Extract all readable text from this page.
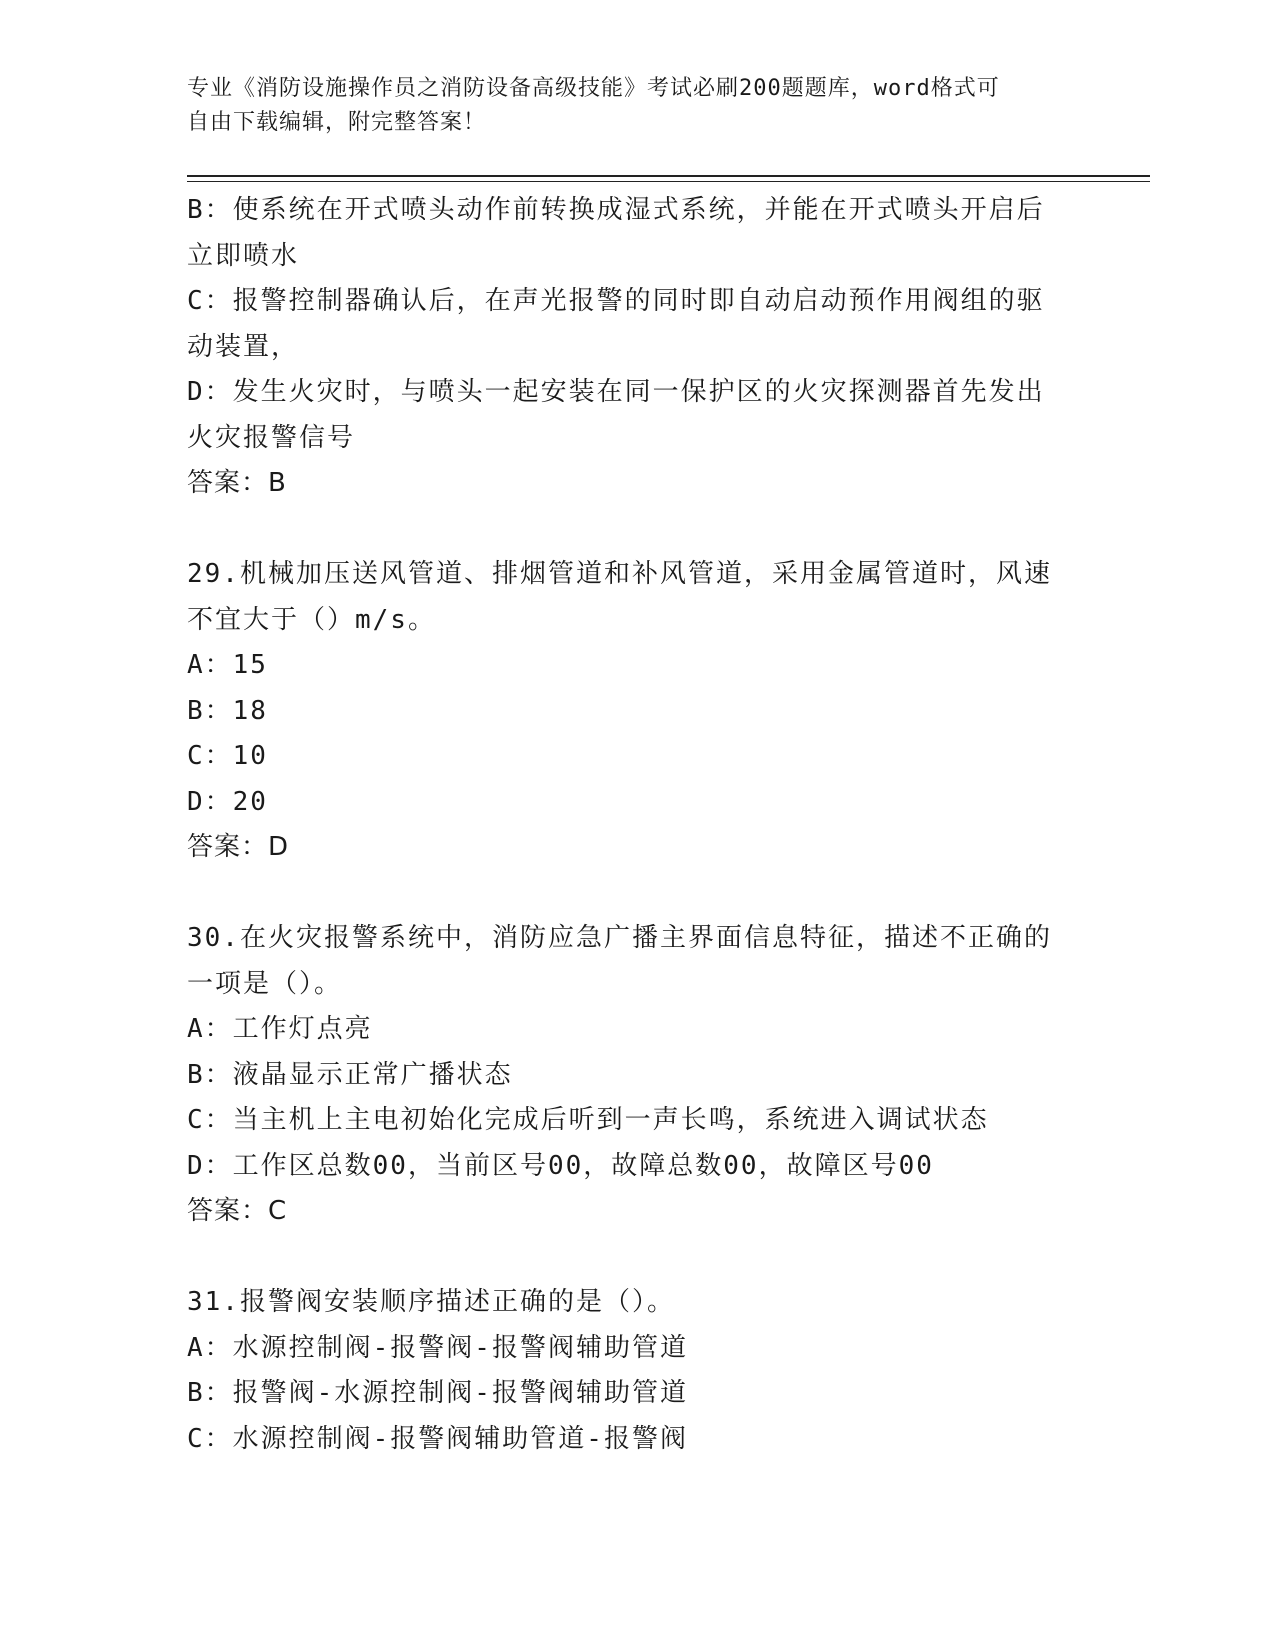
专业《消防设施操作员之消防设备高级技能》考试必刷200题题库，word格式可
自由下载编辑，附完整答案！
B：使系统在开式喷头动作前转换成湿式系统，并能在开式喷头开启后
立即喷水
C：报警控制器确认后，在声光报警的同时即自动启动预作用阀组的驱
动装置，
D：发生火灾时，与喷头一起安装在同一保护区的火灾探测器首先发出
火灾报警信号
答案：B
29.机械加压送风管道、排烟管道和补风管道，采用金属管道时，风速
不宜大于（）m/s。
A：15
B：18
C：10
D：20
答案：D
30.在火灾报警系统中，消防应急广播主界面信息特征，描述不正确的
一项是（）。
A：工作灯点亮
B：液晶显示正常广播状态
C：当主机上主电初始化完成后听到一声长鸣，系统进入调试状态
D：工作区总数00，当前区号00，故障总数00，故障区号00
答案：C
31.报警阀安装顺序描述正确的是（）。
A：水源控制阀-报警阀-报警阀辅助管道
B：报警阀-水源控制阀-报警阀辅助管道
C：水源控制阀-报警阀辅助管道-报警阀
